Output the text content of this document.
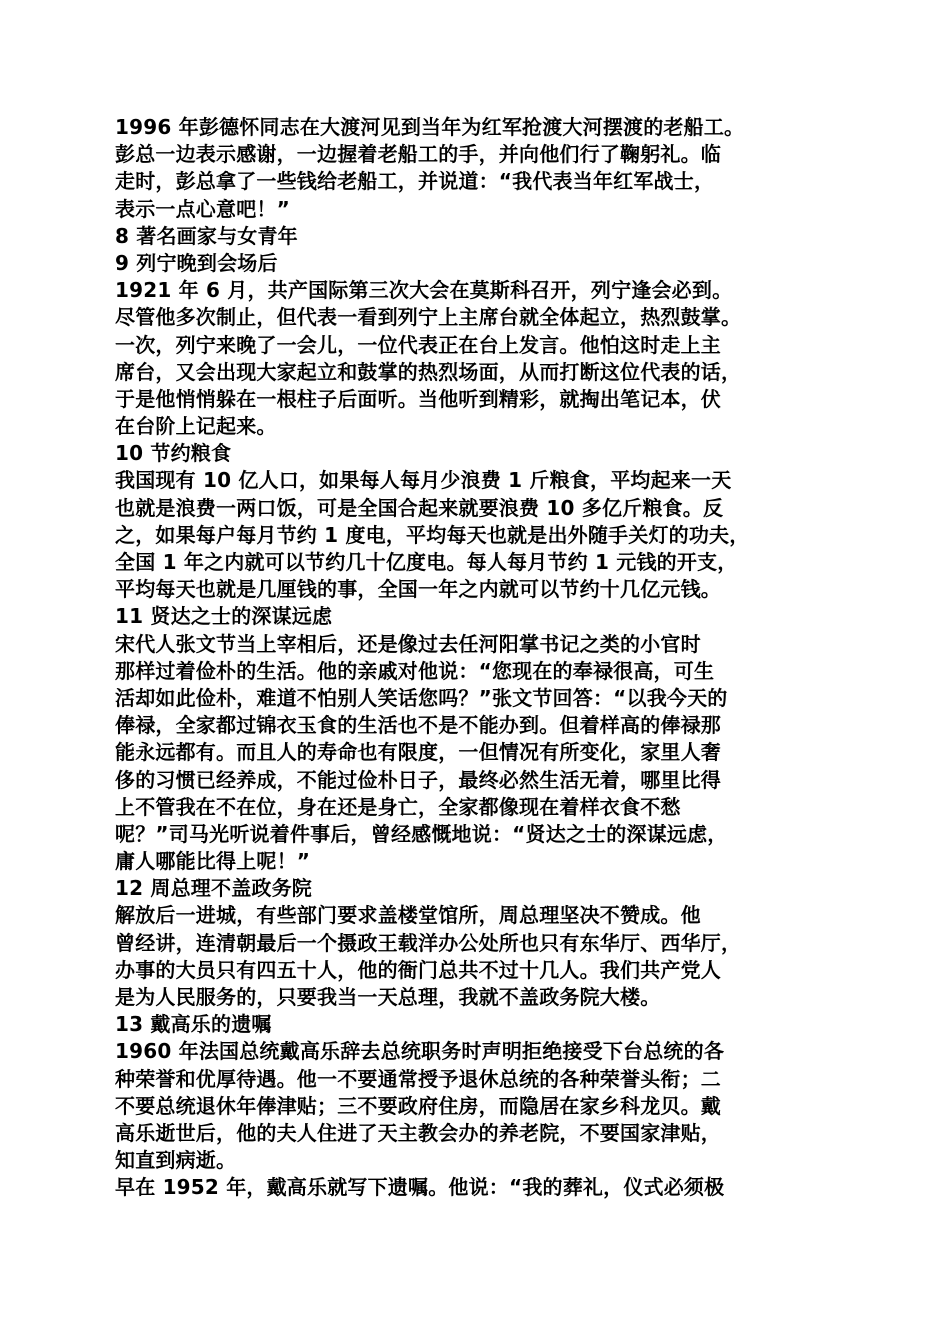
1996 年彭德怀同志在大渡河见到当年为红军抢渡大河摆渡的老船工。
彭总一边表示感谢，一边握着老船工的手，并向他们行了鞠躬礼。临
走时，彭总拿了一些钱给老船工，并说道：“我代表当年红军战士，
表示一点心意吧！”
8 著名画家与女青年
9 列宁晚到会场后
1921 年 6 月，共产国际第三次大会在莫斯科召开，列宁逢会必到。
尽管他多次制止，但代表一看到列宁上主席台就全体起立，热烈鼓掌。
一次，列宁来晚了一会儿，一位代表正在台上发言。他怕这时走上主
席台，又会出现大家起立和鼓掌的热烈场面，从而打断这位代表的话，
于是他悄悄躲在一根柱子后面听。当他听到精彩，就掏出笔记本，伏
在台阶上记起来。
10 节约粮食
我国现有 10 亿人口，如果每人每月少浪费 1 斤粮食，平均起来一天
也就是浪费一两口饭，可是全国合起来就要浪费 10 多亿斤粮食。反
之，如果每户每月节约 1 度电，平均每天也就是出外随手关灯的功夫，
全国 1 年之内就可以节约几十亿度电。每人每月节约 1 元钱的开支，
平均每天也就是几厘钱的事，全国一年之内就可以节约十几亿元钱。
11 贤达之士的深谋远虑
宋代人张文节当上宰相后，还是像过去任河阳掌书记之类的小官时
那样过着俭朴的生活。他的亲戚对他说：“您现在的奉禄很高，可生
活却如此俭朴，难道不怕别人笑话您吗？”张文节回答：“以我今天的
俸禄，全家都过锦衣玉食的生活也不是不能办到。但着样高的俸禄那
能永远都有。而且人的寿命也有限度，一但情况有所变化，家里人奢
侈的习惯已经养成，不能过俭朴日子，最终必然生活无着，哪里比得
上不管我在不在位，身在还是身亡，全家都像现在着样衣食不愁
呢？”司马光听说着件事后，曾经感慨地说：“贤达之士的深谋远虑，
庸人哪能比得上呢！”
12 周总理不盖政务院
解放后一进城，有些部门要求盖楼堂馆所，周总理坚决不赞成。他
曾经讲，连清朝最后一个摄政王载洋办公处所也只有东华厅、西华厅，
办事的大员只有四五十人，他的衙门总共不过十几人。我们共产党人
是为人民服务的，只要我当一天总理，我就不盖政务院大楼。
13 戴高乐的遗嘱
1960 年法国总统戴高乐辞去总统职务时声明拒绝接受下台总统的各
种荣誉和优厚待遇。他一不要通常授予退休总统的各种荣誉头衔；二
不要总统退休年俸津贴；三不要政府住房，而隐居在家乡科龙贝。戴
高乐逝世后，他的夫人住进了天主教会办的养老院，不要国家津贴，
知直到病逝。
早在 1952 年，戴高乐就写下遗嘱。他说：“我的葬礼，仪式必须极
